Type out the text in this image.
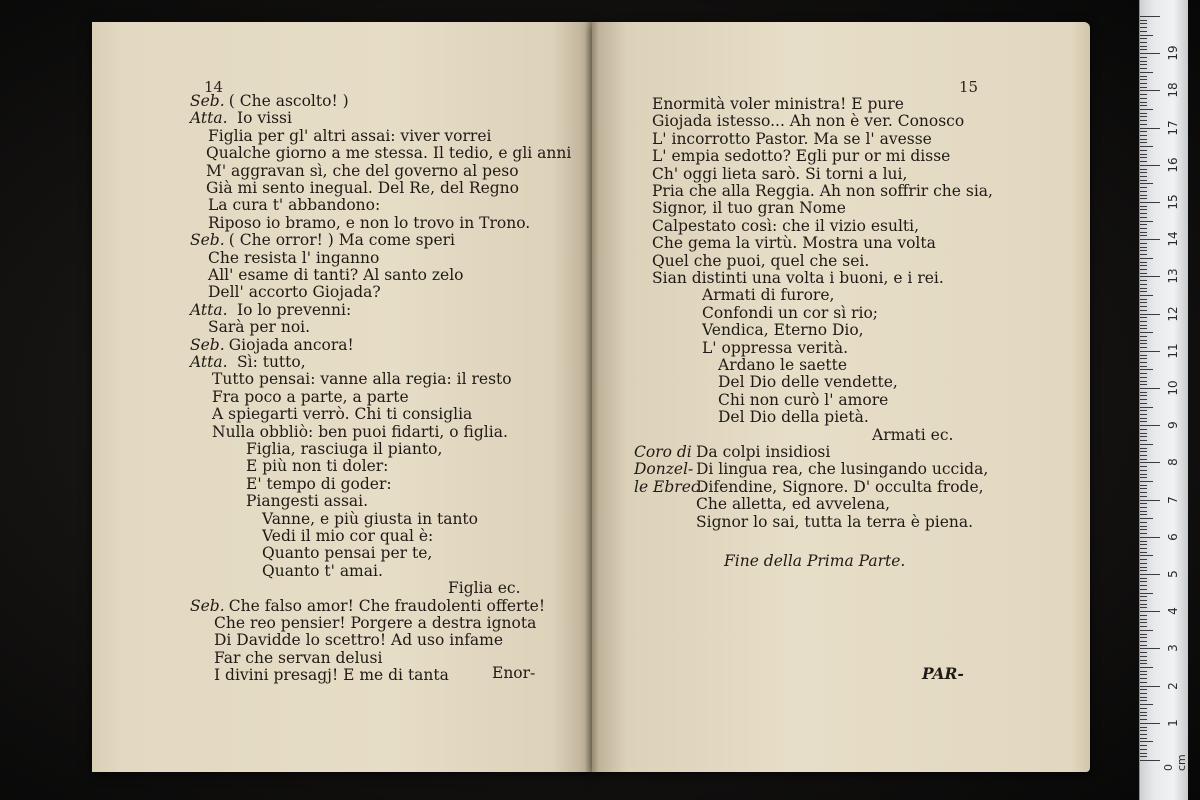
14
Seb. ( Che ascolto! )
Atta. Io vissi
Figlia per gl' altri assai: viver vorrei
Qualche giorno a me stessa. Il tedio, e gli anni
M' aggravan sì, che del governo al peso
Già mi sento inegual. Del Re, del Regno
La cura t' abbandono:
Riposo io bramo, e non lo trovo in Trono.
Seb. ( Che orror! ) Ma come speri
Che resista l' inganno
All' esame di tanti? Al santo zelo
Dell' accorto Giojada?
Atta. Io lo prevenni:
Sarà per noi.
Seb. Giojada ancora!
Atta. Sì: tutto,
Tutto pensai: vanne alla regia: il resto
Fra poco a parte, a parte
A spiegarti verrò. Chi ti consiglia
Nulla obbliò: ben puoi fidarti, o figlia.
Figlia, rasciuga il pianto,
E più non ti doler:
E' tempo di goder:
Piangesti assai.
Vanne, e più giusta in tanto
Vedi il mio cor qual è:
Quanto pensai per te,
Quanto t' amai.
Figlia ec.
Seb. Che falso amor! Che fraudolenti offerte!
Che reo pensier! Porgere a destra ignota
Di Davidde lo scettro! Ad uso infame
Far che servan delusi
I divini presagj! E me di tanta	Enor-
15
Enormità voler ministra! E pure
Giojada istesso... Ah non è ver. Conosco
L' incorrotto Pastor. Ma se l' avesse
L' empia sedotto? Egli pur or mi disse
Ch' oggi lieta sarò. Si torni a lui,
Pria che alla Reggia. Ah non soffrir che sia,
Signor, il tuo gran Nome
Calpestato così: che il vizio esulti,
Che gema la virtù. Mostra una volta
Quel che puoi, quel che sei.
Sian distinti una volta i buoni, e i rei.
Armati di furore,
Confondi un cor sì rio;
Vendica, Eterno Dio,
L' oppressa verità.
Ardano le saette
Del Dio delle vendette,
Chi non curò l' amore
Del Dio della pietà.
Armati ec.
Coro di Da colpi insidiosi
Donzel- Di lingua rea, che lusingando uccida,
le Ebrec.
Difendine, Signore. D' occulta frode,
Che alletta, ed avvelena,
Signor lo sai, tutta la terra è piena.
Fine della Prima Parte.
PAR-
1
2
3
4
5
6
7
8
9
10
11
12
13
14
15
16
17
18
19
0 cm
